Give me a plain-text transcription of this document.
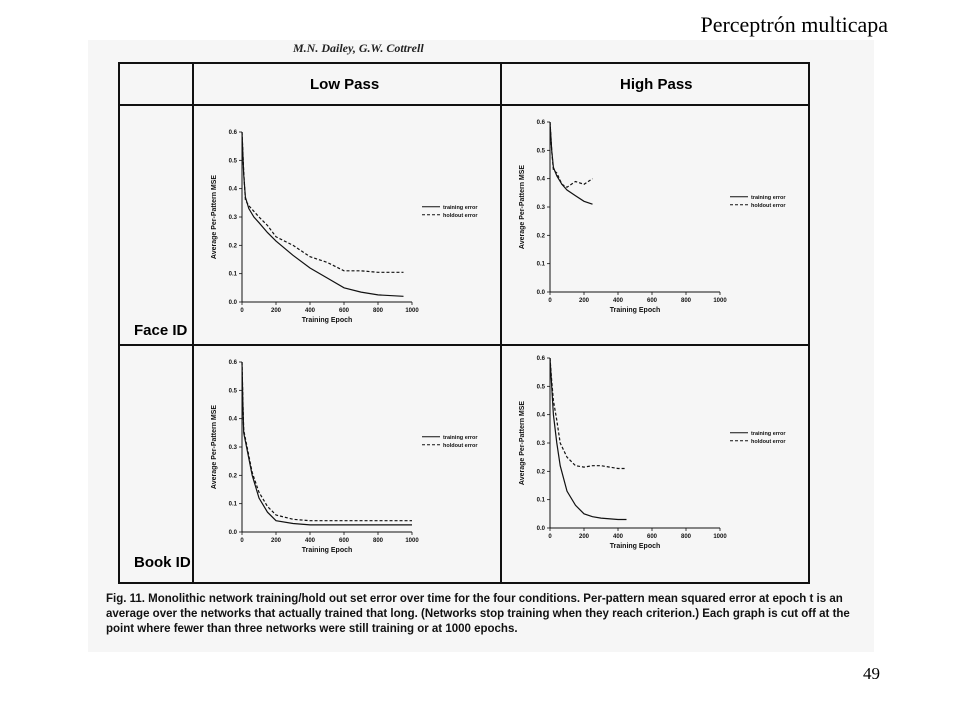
Perceptrón multicapa
M.N. Dailey, G.W. Cottrell
Low Pass	High Pass
Face ID
Book ID
0.0
0.1
0.2
0.3
0.4
0.5
0.6
0	200	400	600	800	1000
Training Epoch
Average Per-Pattern MSE	training error
holdout error
0.0
0.1
0.2
0.3
0.4
0.5
0.6
0	200	400	600	800	1000
Training Epoch
Average Per-Pattern MSE	training error
holdout error
0.0
0.1
0.2
0.3
0.4
0.5
0.6
0	200	400	600	800	1000
Training Epoch
Average Per-Pattern MSE	training error
holdout error
0.0
0.1
0.2
0.3
0.4
0.5
0.6
0	200	400	600	800	1000
Training Epoch
Average Per-Pattern MSE	training error
holdout error
Fig. 11. Monolithic network training/hold out set error over time for the four conditions. Per-pattern mean squared error at epoch t is an average over the networks that actually trained that long. (Networks stop training when they reach criterion.) Each graph is cut off at the point where fewer than three networks were still training or at 1000 epochs.
49
